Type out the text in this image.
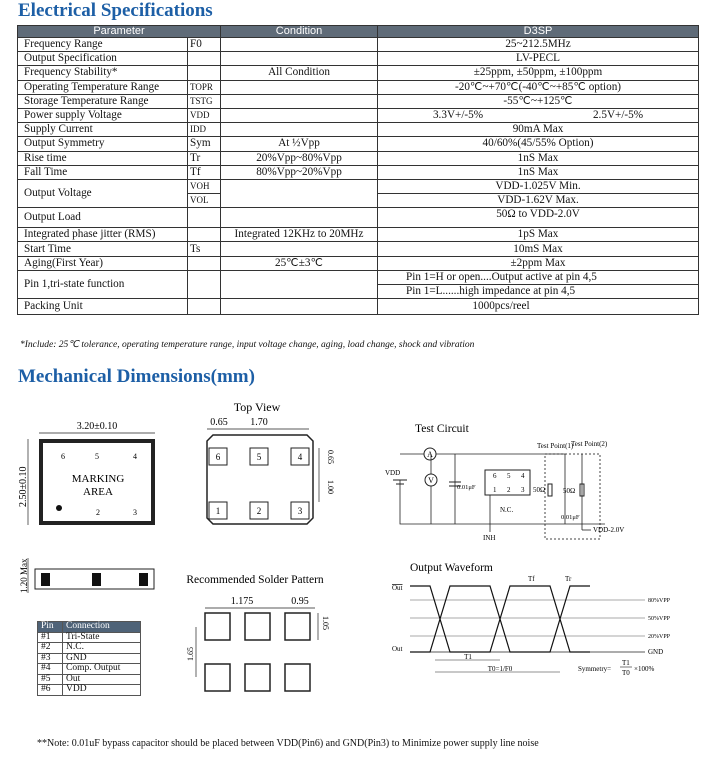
Electrical Specifications
Parameter		Condition	D3SP
Frequency Range	F0		25~212.5MHz
Output Specification			LV-PECL
Frequency Stability*		All Condition	±25ppm, ±50ppm, ±100ppm
Operating Temperature Range	TOPR		-20℃~+70℃(-40℃~+85℃ option)
Storage Temperature Range	TSTG		-55℃~+125℃
Power supply Voltage	VDD		3.3V+/-5% 2.5V+/-5%

Supply Current	IDD		90mA Max
Output Symmetry	Sym	At ½Vpp	40/60%(45/55% Option)
Rise time	Tr	20%Vpp~80%Vpp	1nS Max
Fall Time	Tf	80%Vpp~20%Vpp	1nS Max
Output Voltage	VOH		VDD-1.025V Min.
	VOL		VDD-1.62V Max.
Output Load			50Ω to VDD-2.0V
Integrated phase jitter (RMS)		Integrated 12KHz to 20MHz	1pS Max
Start Time	Ts		10mS Max
Aging(First Year)		25℃±3℃	±2ppm Max
Pin 1,tri-state function			Pin 1=H or open....Output active at pin 4,5
			Pin 1=L......high impedance at pin 4,5
Packing Unit			1000pcs/reel
*Include: 25℃ tolerance, operating temperature range, input voltage change, aging, load change, shock and vibration
Mechanical Dimensions(mm)
3.20±0.10
6	5	4
MARKING
AREA
2	3
2.50±0.10
1.20 Max
Pin	Connection
#1	Tri-State
#2	N.C.
#3	GND
#4	Comp. Output
#5	Out
#6	VDD
Top View
0.65 1.70
6	5	4
1	2	3
0.65
1.00
Recommended Solder Pattern
1.175	0.95
1.05
1.65
Test Circuit
Test Point(1)
Test Point(2)
VDD
A
V
0.01μF
6 5 4
1 2 3
N.C.
INH
50Ω	50Ω
0.01μF
VDD-2.0V
Output Waveform
Tf	Tr
Out
Out
80%VPP
50%VPP
20%VPP
GND
T1
T0=1/F0	Symmetry=
T1
T0 ×100%
**Note: 0.01uF bypass capacitor should be placed between VDD(Pin6) and GND(Pin3) to Minimize power supply line noise
